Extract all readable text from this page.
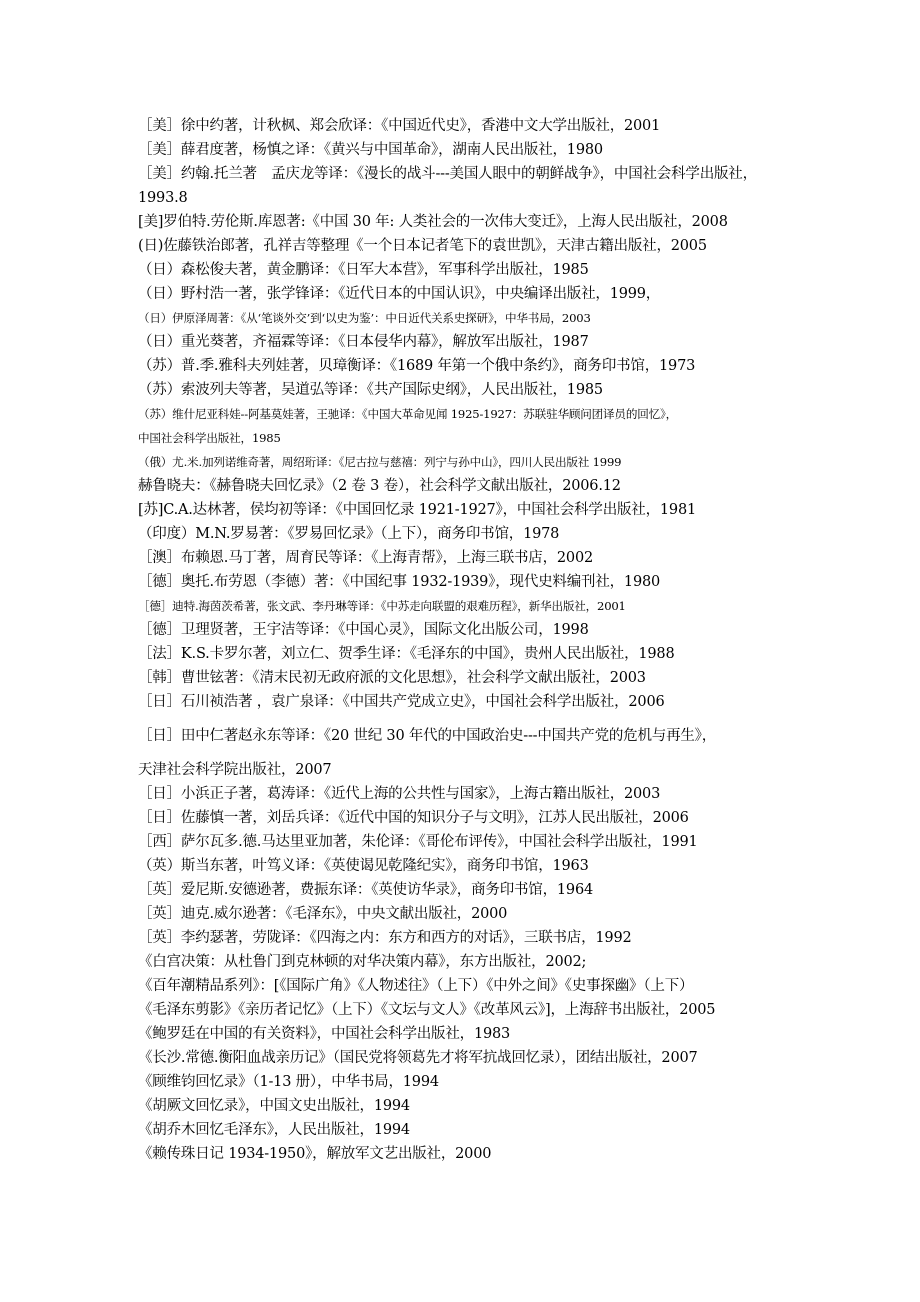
［美］徐中约著，计秋枫、郑会欣译：《中国近代史》，香港中文大学出版社，2001
［美］薛君度著，杨慎之译：《黄兴与中国革命》，湖南人民出版社，1980
［美］约翰.托兰著　孟庆龙等译：《漫长的战斗---美国人眼中的朝鲜战争》，中国社会科学出版社，　1993.8
[美]罗伯特.劳伦斯.库恩著:《中国 30 年: 人类社会的一次伟大变迁》，上海人民出版社，2008
(日)佐藤铁治郎著，孔祥吉等整理《一个日本记者笔下的袁世凯》，天津古籍出版社，2005
（日）森松俊夫著，黄金鹏译：《日军大本营》，军事科学出版社，1985
（日）野村浩一著，张学锋译：《近代日本的中国认识》，中央编译出版社，1999，
（日）伊原泽周著：《从‘笔谈外交’到‘以史为鉴’：中日近代关系史探研》，中华书局，2003
（日）重光葵著，齐福霖等译：《日本侵华内幕》，解放军出版社，1987
（苏）普.季.雅科夫列娃著，贝璋衡译：《1689 年第一个俄中条约》，商务印书馆，1973
（苏）索波列夫等著，吴道弘等译：《共产国际史纲》，人民出版社，1985
（苏）维什尼亚科娃--阿基莫娃著，王驰译：《中国大革命见闻 1925-1927：苏联驻华顾问团译员的回忆》，
中国社会科学出版社，1985
（俄）尤.米.加列诺维奇著，周绍珩译：《尼古拉与慈禧：列宁与孙中山》，四川人民出版社 1999
赫鲁晓夫：《赫鲁晓夫回忆录》（2 卷 3 卷），社会科学文献出版社，2006.12
[苏]C.A.达林著，侯均初等译：《中国回忆录 1921-1927》，中国社会科学出版社，1981
（印度）M.N.罗易著：《罗易回忆录》（上下），商务印书馆，1978
［澳］布赖恩.马丁著，周育民等译：《上海青帮》，上海三联书店，2002
［德］奥托.布劳恩（李德）著：《中国纪事 1932-1939》，现代史料编刊社，1980
［德］迪特.海茵茨希著，张文武、李丹琳等译：《中苏走向联盟的艰难历程》，新华出版社，2001
［德］卫理贤著，王宇洁等译：《中国心灵》，国际文化出版公司，1998
［法］K.S.卡罗尔著，刘立仁、贺季生译：《毛泽东的中国》，贵州人民出版社，1988
［韩］曹世铉著：《清末民初无政府派的文化思想》，社会科学文献出版社，2003
［日］石川祯浩著 ，袁广泉译：《中国共产党成立史》，中国社会科学出版社，2006
［日］田中仁著赵永东等译：《20 世纪 30 年代的中国政治史---中国共产党的危机与再生》，
天津社会科学院出版社，2007
［日］小浜正子著，葛涛译：《近代上海的公共性与国家》，上海古籍出版社，2003
［日］佐藤慎一著，刘岳兵译：《近代中国的知识分子与文明》，江苏人民出版社，2006
［西］萨尔瓦多.德.马达里亚加著，朱伦译：《哥伦布评传》，中国社会科学出版社，1991
（英）斯当东著，叶笃义译：《英使谒见乾隆纪实》，商务印书馆，1963
［英］爱尼斯.安德逊著，费振东译：《英使访华录》，商务印书馆，1964
［英］迪克.威尔逊著：《毛泽东》，中央文献出版社，2000
［英］李约瑟著，劳陇译：《四海之内：东方和西方的对话》，三联书店，1992
《白宫决策：从杜鲁门到克林顿的对华决策内幕》，东方出版社，2002;
《百年潮精品系列》：[《国际广角》《人物述往》（上下）《中外之间》《史事探幽》（上下）
《毛泽东剪影》《亲历者记忆》（上下）《文坛与文人》《改革风云》]，上海辞书出版社，2005
《鲍罗廷在中国的有关资料》，中国社会科学出版社，1983
《长沙.常德.衡阳血战亲历记》（国民党将领葛先才将军抗战回忆录），团结出版社，2007
《顾维钧回忆录》（1-13 册），中华书局，1994
《胡厥文回忆录》，中国文史出版社，1994
《胡乔木回忆毛泽东》，人民出版社，1994
《赖传珠日记 1934-1950》，解放军文艺出版社，2000
